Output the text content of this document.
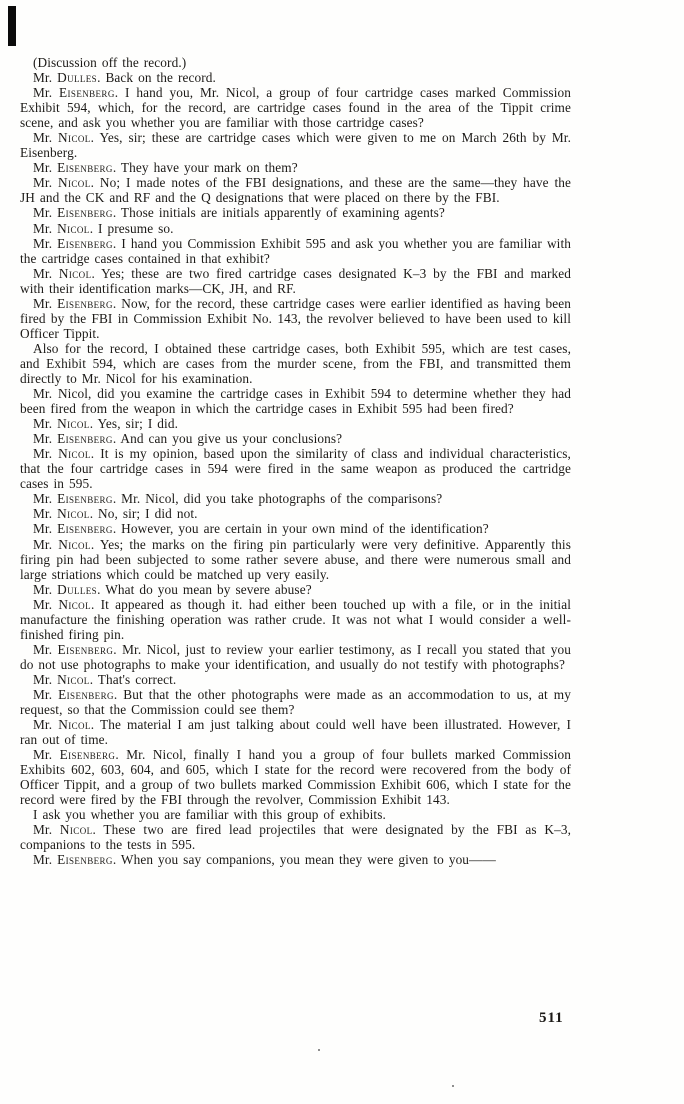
(Discussion off the record.)

Mr. Dulles. Back on the record.

Mr. Eisenberg. I hand you, Mr. Nicol, a group of four cartridge cases marked Commission Exhibit 594, which, for the record, are cartridge cases found in the area of the Tippit crime scene, and ask you whether you are familiar with those cartridge cases?

Mr. Nicol. Yes, sir; these are cartridge cases which were given to me on March 26th by Mr. Eisenberg.

Mr. Eisenberg. They have your mark on them?

Mr. Nicol. No; I made notes of the FBI designations, and these are the same—they have the JH and the CK and RF and the Q designations that were placed on there by the FBI.

Mr. Eisenberg. Those initials are initials apparently of examining agents?

Mr. Nicol. I presume so.

Mr. Eisenberg. I hand you Commission Exhibit 595 and ask you whether you are familiar with the cartridge cases contained in that exhibit?

Mr. Nicol. Yes; these are two fired cartridge cases designated K–3 by the FBI and marked with their identification marks—CK, JH, and RF.

Mr. Eisenberg. Now, for the record, these cartridge cases were earlier identified as having been fired by the FBI in Commission Exhibit No. 143, the revolver believed to have been used to kill Officer Tippit.

Also for the record, I obtained these cartridge cases, both Exhibit 595, which are test cases, and Exhibit 594, which are cases from the murder scene, from the FBI, and transmitted them directly to Mr. Nicol for his examination.

Mr. Nicol, did you examine the cartridge cases in Exhibit 594 to determine whether they had been fired from the weapon in which the cartridge cases in Exhibit 595 had been fired?

Mr. Nicol. Yes, sir; I did.

Mr. Eisenberg. And can you give us your conclusions?

Mr. Nicol. It is my opinion, based upon the similarity of class and individual characteristics, that the four cartridge cases in 594 were fired in the same weapon as produced the cartridge cases in 595.

Mr. Eisenberg. Mr. Nicol, did you take photographs of the comparisons?

Mr. Nicol. No, sir; I did not.

Mr. Eisenberg. However, you are certain in your own mind of the identification?

Mr. Nicol. Yes; the marks on the firing pin particularly were very definitive. Apparently this firing pin had been subjected to some rather severe abuse, and there were numerous small and large striations which could be matched up very easily.

Mr. Dulles. What do you mean by severe abuse?

Mr. Nicol. It appeared as though it. had either been touched up with a file, or in the initial manufacture the finishing operation was rather crude. It was not what I would consider a well-finished firing pin.

Mr. Eisenberg. Mr. Nicol, just to review your earlier testimony, as I recall you stated that you do not use photographs to make your identification, and usually do not testify with photographs?

Mr. Nicol. That's correct.

Mr. Eisenberg. But that the other photographs were made as an accommodation to us, at my request, so that the Commission could see them?

Mr. Nicol. The material I am just talking about could well have been illustrated. However, I ran out of time.

Mr. Eisenberg. Mr. Nicol, finally I hand you a group of four bullets marked Commission Exhibits 602, 603, 604, and 605, which I state for the record were recovered from the body of Officer Tippit, and a group of two bullets marked Commission Exhibit 606, which I state for the record were fired by the FBI through the revolver, Commission Exhibit 143.

I ask you whether you are familiar with this group of exhibits.

Mr. Nicol. These two are fired lead projectiles that were designated by the FBI as K–3, companions to the tests in 595.

Mr. Eisenberg. When you say companions, you mean they were given to you——

511
